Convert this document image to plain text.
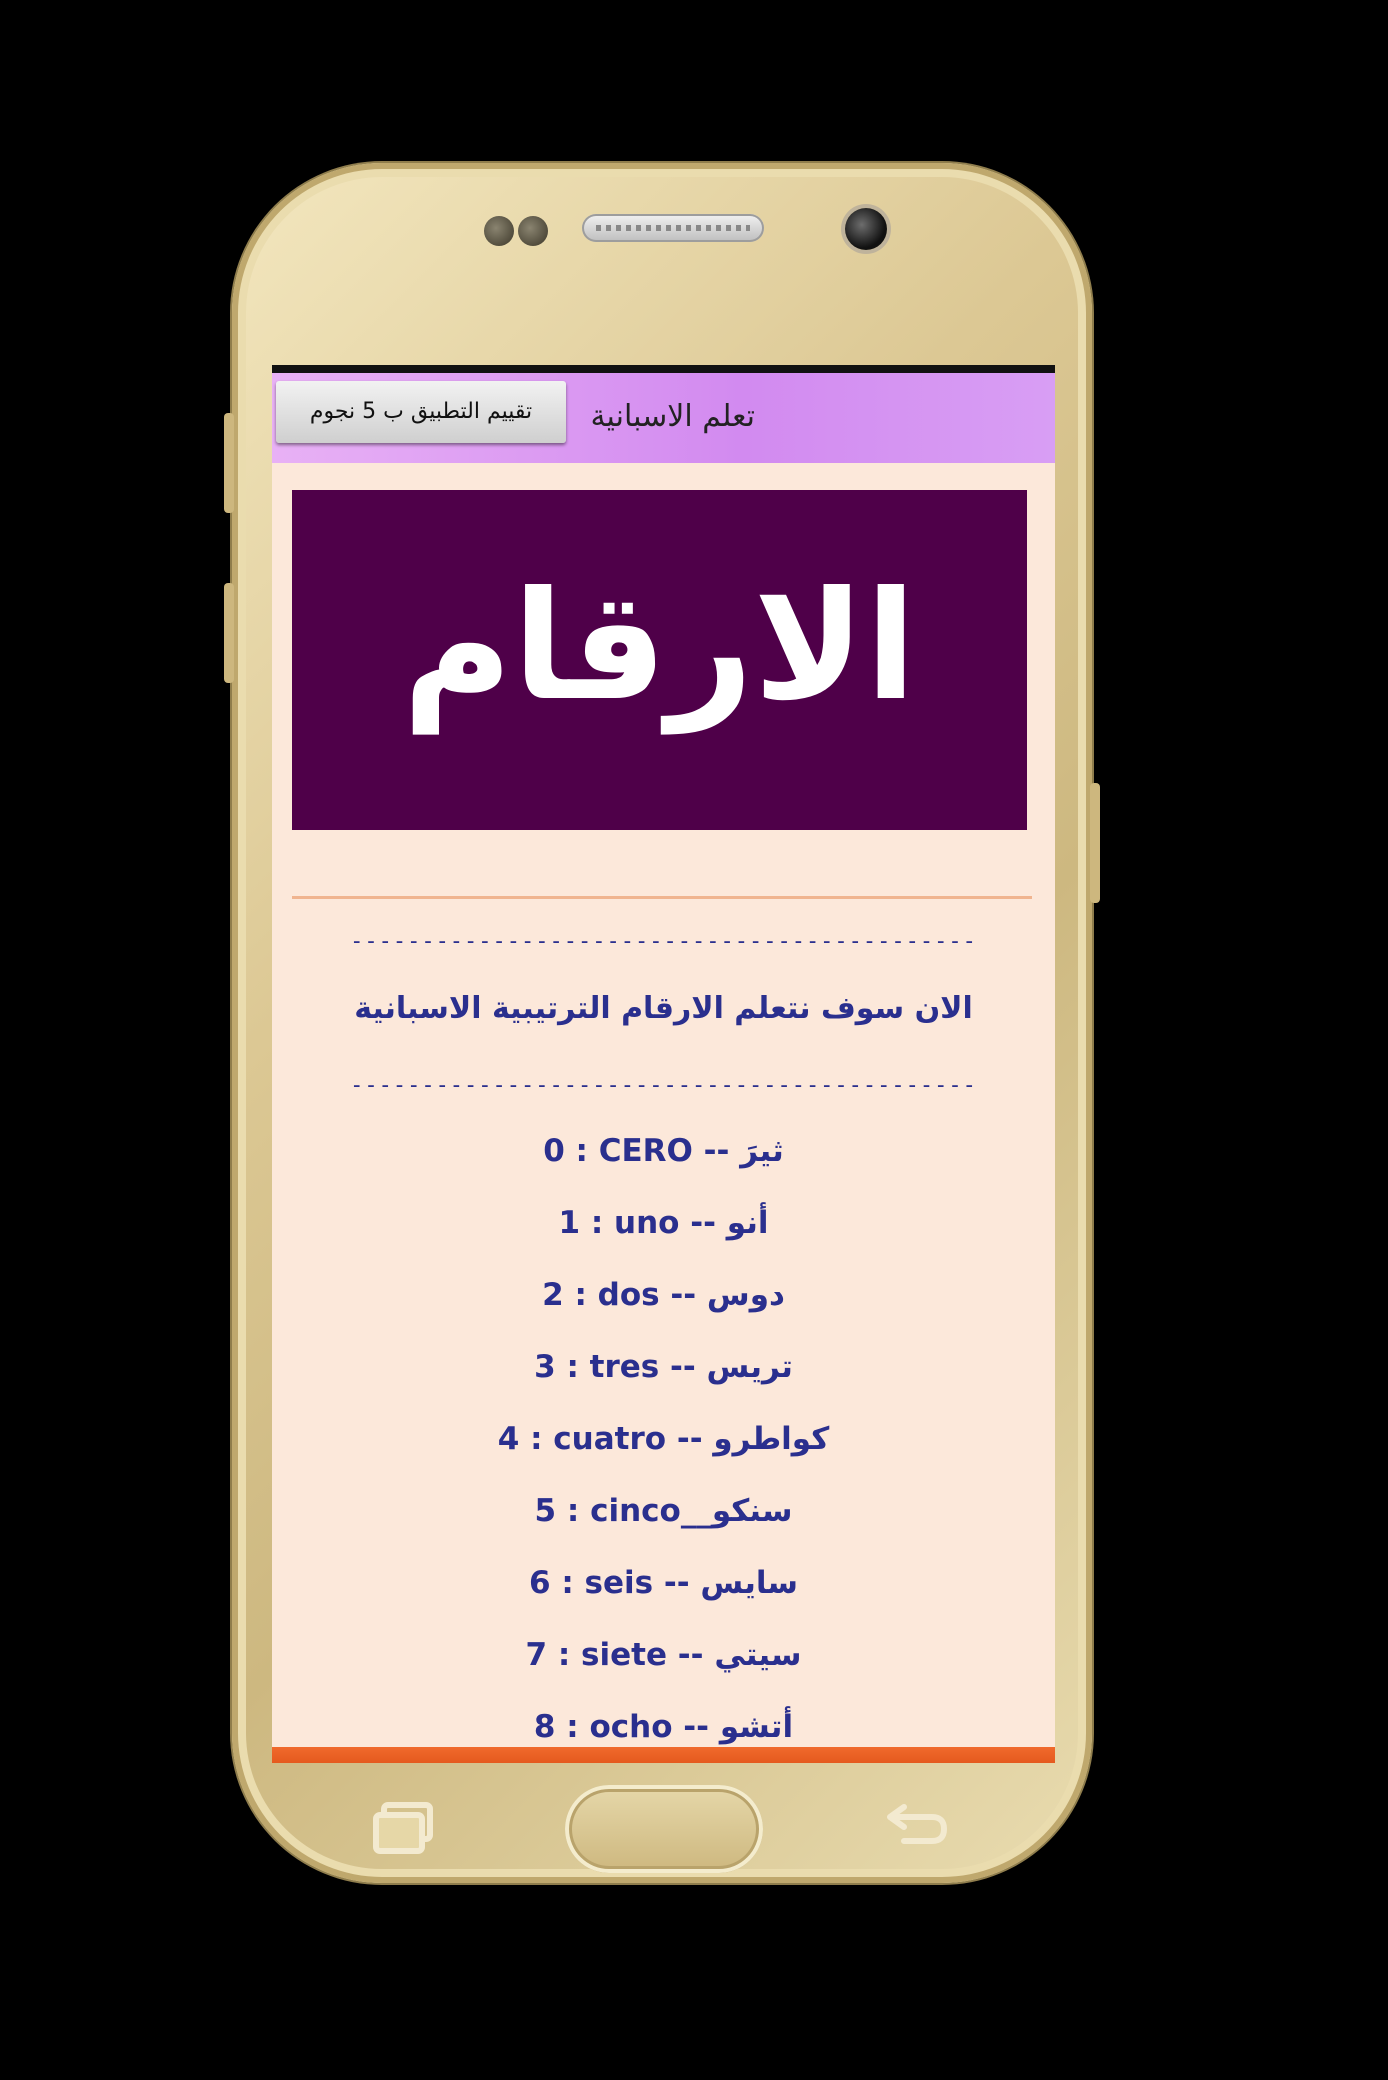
تعلم الاسبانية
تقييم التطبيق ب 5 نجوم
الارقام
--------------------------------------------
الان سوف نتعلم الارقام الترتيبية الاسبانية
--------------------------------------------
0 : CERO -- ثيرَ
1 : uno -- أنو
2 : dos -- دوس
3 : tres -- تريس
4 : cuatro -- كواطرو
5 : cinco__سنكو
6 : seis -- سايس
7 : siete -- سيتي
8 : ocho -- أتشو
